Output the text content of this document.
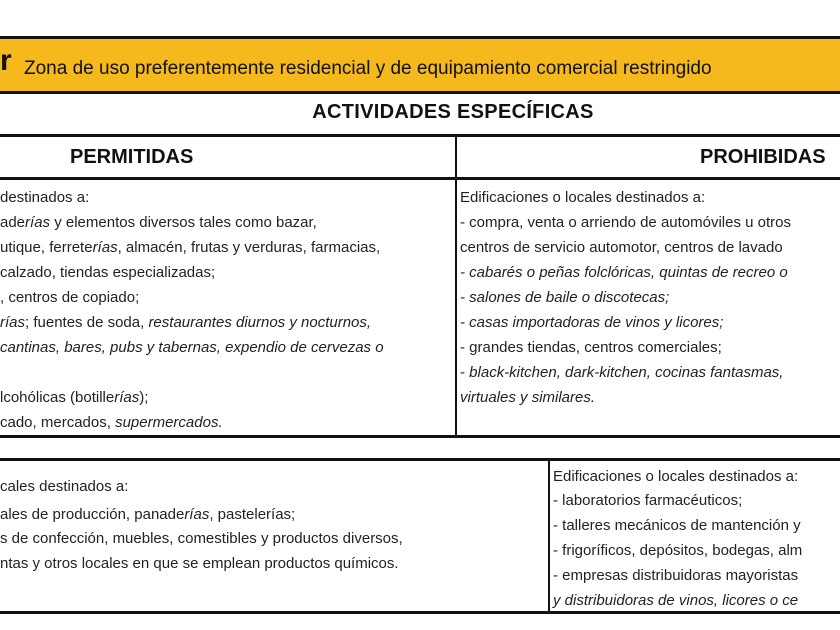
r Zona de uso preferentemente residencial y de equipamiento comercial restringido
ACTIVIDADES ESPECÍFICAS
PERMITIDAS	PROHIBIDAS
destinados a:
aderías y elementos diversos tales como bazar,
utique, ferreterías, almacén, frutas y verduras, farmacias,
calzado, tiendas especializadas;
, centros de copiado;
rías; fuentes de soda, restaurantes diurnos y nocturnos,
cantinas, bares, pubs y tabernas, expendio de cervezas o
lcohólicas (botillerías);
cado, mercados, supermercados.
Edificaciones o locales destinados a:
- compra, venta o arriendo de automóviles u otros
centros de servicio automotor, centros de lavado
- cabarés o peñas folclóricas, quintas de recreo o
- salones de baile o discotecas;
- casas importadoras de vinos y licores;
- grandes tiendas, centros comerciales;
- black-kitchen, dark-kitchen, cocinas fantasmas,
virtuales y similares.
cales destinados a:
ales de producción, panaderías, pastelerías;
s de confección, muebles, comestibles y productos diversos,
ntas y otros locales en que se emplean productos químicos.
Edificaciones o locales destinados a:
- laboratorios farmacéuticos;
- talleres mecánicos de mantención y
- frigoríficos, depósitos, bodegas, alm
- empresas distribuidoras mayoristas
y distribuidoras de vinos, licores o ce
